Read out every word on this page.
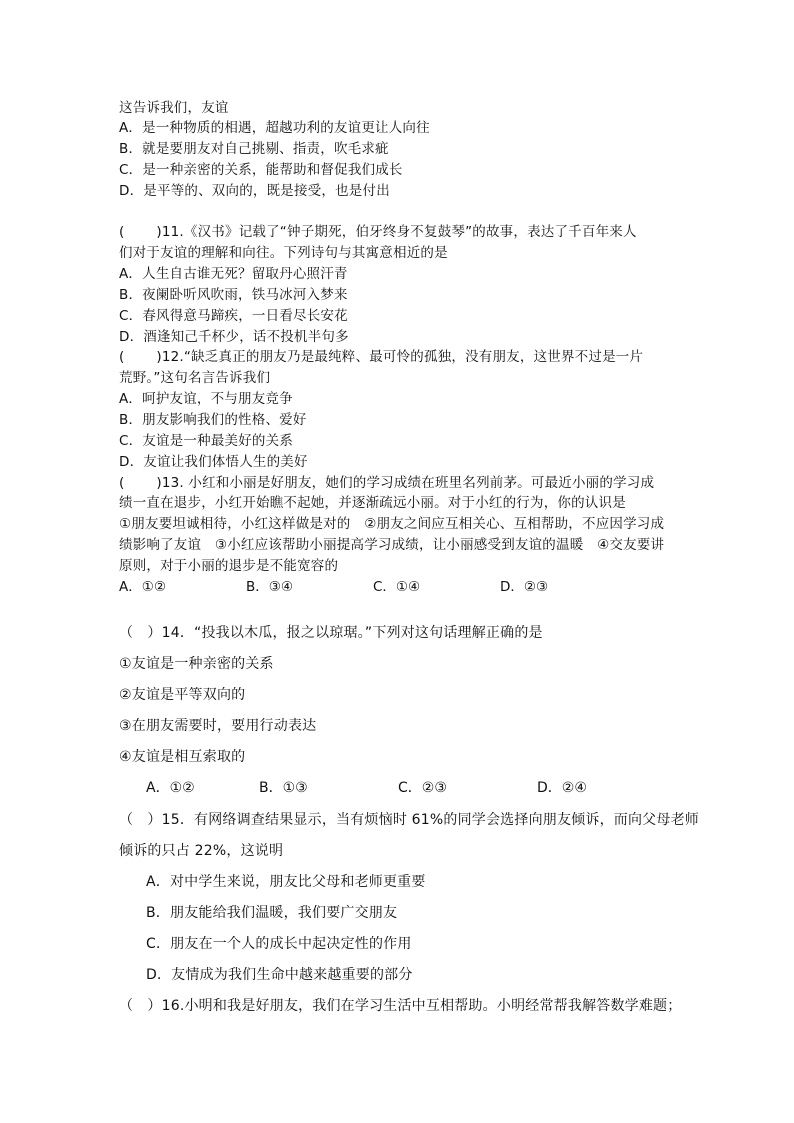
这告诉我们，友谊
A．是一种物质的相遇，超越功利的友谊更让人向往
B．就是要朋友对自己挑剔、指责，吹毛求疵
C．是一种亲密的关系，能帮助和督促我们成长
D．是平等的、双向的，既是接受，也是付出
(　　 )11.《汉书》记载了“钟子期死，伯牙终身不复鼓琴”的故事，表达了千百年来人
们对于友谊的理解和向往。下列诗句与其寓意相近的是
A．人生自古谁无死？留取丹心照汗青
B．夜阑卧听风吹雨，铁马冰河入梦来
C．春风得意马蹄疾，一日看尽长安花
D．酒逢知己千杯少，话不投机半句多
(　　 )12.“缺乏真正的朋友乃是最纯粹、最可怜的孤独，没有朋友，这世界不过是一片
荒野。”这句名言告诉我们
A．呵护友谊，不与朋友竞争
B．朋友影响我们的性格、爱好
C．友谊是一种最美好的关系
D．友谊让我们体悟人生的美好
(　　 )13. 小红和小丽是好朋友，她们的学习成绩在班里名列前茅。可最近小丽的学习成
绩一直在退步，小红开始瞧不起她，并逐渐疏远小丽。对于小红的行为，你的认识是
①朋友要坦诚相待，小红这样做是对的　②朋友之间应互相关心、互相帮助，不应因学习成
绩影响了友谊　③小红应该帮助小丽提高学习成绩，让小丽感受到友谊的温暖　④交友要讲
原则，对于小丽的退步是不能宽容的
A．①②	B．③④	C．①④	D．②③
（　）14．“投我以木瓜，报之以琼琚。”下列对这句话理解正确的是
①友谊是一种亲密的关系
②友谊是平等双向的
③在朋友需要时，要用行动表达
④友谊是相互索取的
A．①②	B．①③	C．②③	D．②④
（　）15．有网络调查结果显示，当有烦恼时 61%的同学会选择向朋友倾诉，而向父母老师
倾诉的只占 22%，这说明
A．对中学生来说，朋友比父母和老师更重要
B．朋友能给我们温暖，我们要广交朋友
C．朋友在一个人的成长中起决定性的作用
D．友情成为我们生命中越来越重要的部分
（　）16.小明和我是好朋友，我们在学习生活中互相帮助。小明经常帮我解答数学难题；
